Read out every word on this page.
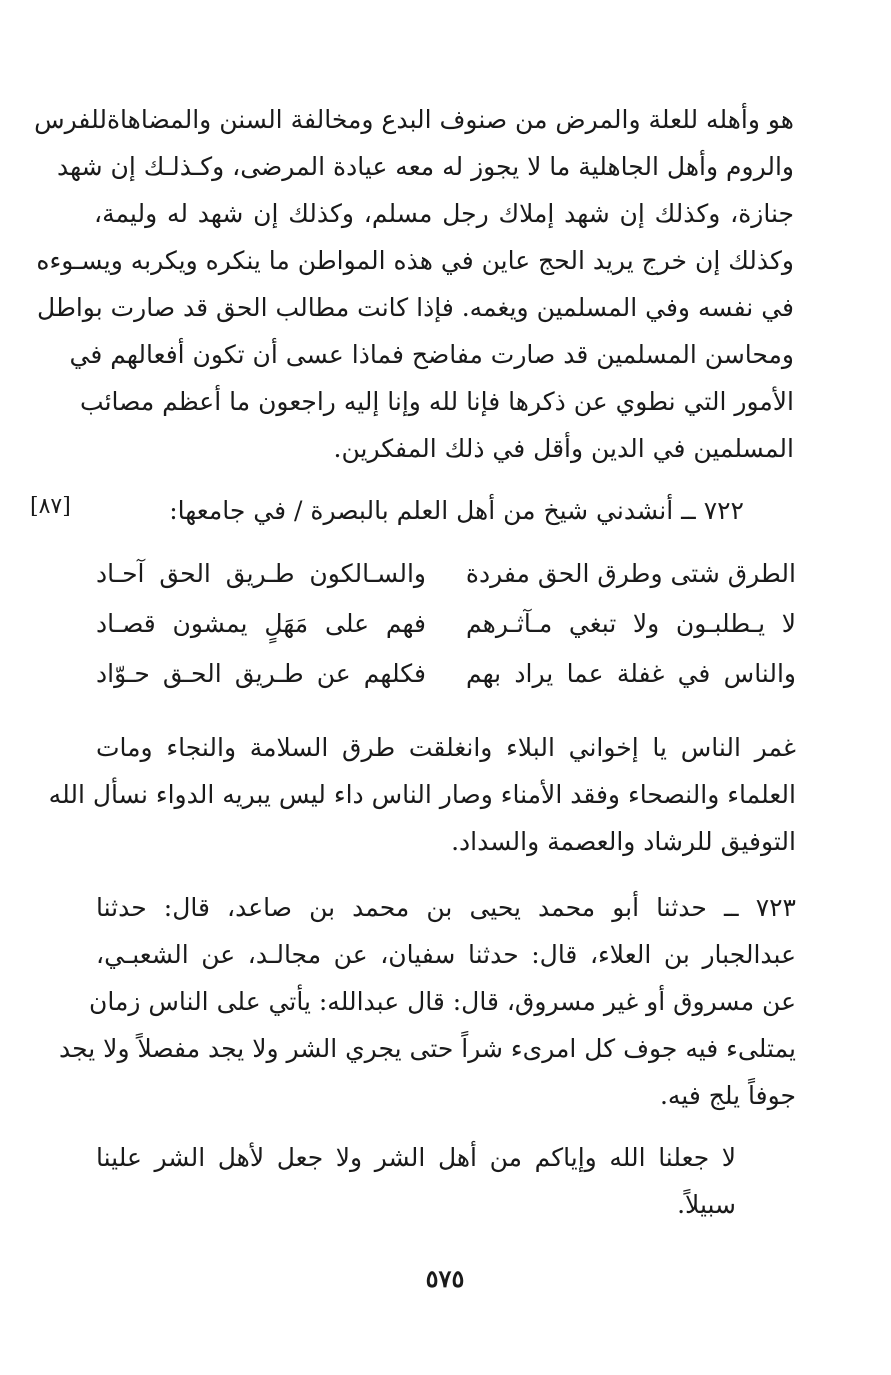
هو وأهله للعلة والمرض من صنوف البدع ومخالفة السنن والمضاهاةللفرس
والروم وأهل الجاهلية ما لا يجوز له معه عيادة المرضى، وكـذلـك إن شهد
جنازة، وكذلك إن شهد إملاك رجل مسلم، وكذلك إن شهد له وليمة،
وكذلك إن خرج يريد الحج عاين في هذه المواطن ما ينكره ويكربه ويسـوءه
في نفسه وفي المسلمين ويغمه. فإذا كانت مطالب الحق قد صارت بواطل
ومحاسن المسلمين قد صارت مفاضح فماذا عسى أن تكون أفعالهم في
الأمور التي نطوي عن ذكرها فإنا لله وإنا إليه راجعون ما أعظم مصائب
المسلمين في الدين وأقل في ذلك المفكرين.
٧٢٢ ــ أنشدني شيخ من أهل العلم بالبصرة / في جامعها:
[٨٧]
الطرق شتى وطرق الحق مفردة
والسـالكون طـريق الحق آحـاد
لا يـطلبـون ولا تبغي مـآثـرهم
فهم على مَهَلٍ يمشون قصـاد
والناس في غفلة عما يراد بهم
فكلهم عن طـريق الحـق حـوّاد
غمر الناس يا إخواني البلاء وانغلقت طرق السلامة والنجاء ومات
العلماء والنصحاء وفقد الأمناء وصار الناس داء ليس يبريه الدواء نسأل الله
التوفيق للرشاد والعصمة والسداد.
٧٢٣ ــ حدثنا أبو محمد يحيى بن محمد بن صاعد، قال: حدثنا
عبدالجبار بن العلاء، قال: حدثنا سفيان، عن مجالـد، عن الشعبـي،
عن مسروق أو غير مسروق، قال: قال عبدالله: يأتي على الناس زمان
يمتلىء فيه جوف كل امرىء شراً حتى يجري الشر ولا يجد مفصلاً ولا يجد
جوفاً يلج فيه.
لا جعلنا الله وإياكم من أهل الشر ولا جعل لأهل الشر علينا
سبيلاً.
٥٧٥
